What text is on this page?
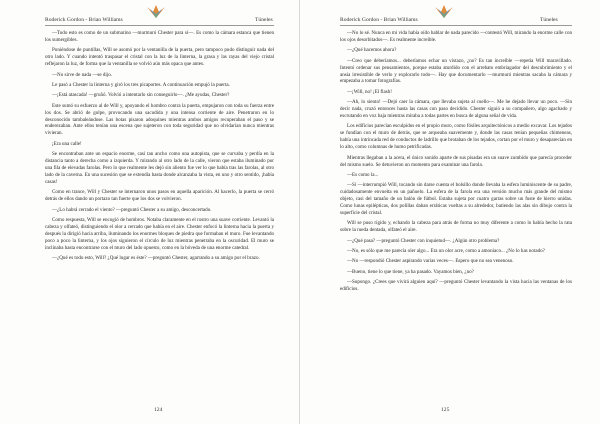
Roderick Gordon - Brian Williams	Túneles

—Todo esto es como de un submarino —murmuró Chester para sí—. Es como la cámara estanca que tienen los sumergibles.

Poniéndose de puntillas, Will se asomó por la ventanilla de la puerta, pero tampoco pudo distinguir nada del otro lado. Y cuando intentó traspasar el cristal con la luz de la linterna, la grasa y las rayas del viejo cristal reflejaron la luz, de forma que la ventanilla se volvió aún más opaca que antes.

—No sirve de nada —se dijo.

Le pasó a Chester la linterna y giró los tres picaportes. A continuación empujó la puerta.

—¡Está atascada! —gruñó. Volvió a intentarlo sin conseguirlo—. ¿Me ayudas, Chester?

Este sumó su esfuerzo al de Will y, apoyando el hombro contra la puerta, empujaron con toda su fuerza entre los dos. Se abrió de golpe, provocando una sacudida y una intensa corriente de aire. Penetraron en lo desconocido tambaleándose. Las botas pisaron adoquines mientras ambos amigos recuperaban el paso y se enderezaban. Ante ellos tenían una escena que sujeteron con toda seguridad que no olvidarían nunca mientras vivieran.

¡Era una calle!

Se encontraban ante un espacio enorme, casi tan ancho como una autopista, que se curvaba y perdía en la distancia tanto a derecha como a izquierda. Y mirando al otro lado de la calle, vieron que estaba iluminado por una fila de elevadas farolas. Pero lo que realmente les dejó sin aliento fue ver lo que había tras las farolas, al otro lado de la caverna. En una sucesión que se extendía hasta donde alcanzaba la vista, en uno y otro sentido, ¡había casas!

Como en trance, Will y Chester se internaron unos pasos en aquella aparición. Al hacerlo, la puerta se cerró detrás de ellos dando un portazo tan fuerte que los dos se volvieron.

—¿Lo habrá cerrado el viento? —preguntó Chester a su amigo, desconcertado.

Como respuesta, Will se encogió de hombros. Notaba claramente en el rostro una suave corriente. Levantó la cabeza y olfateó, distinguiendo el olor a cerrado que había en el aire. Chester enfocó la linterna hacia la puerta y después la dirigió hacia arriba, iluminando los enormes bloques de piedra que formaban el muro. Fue levantando poco a poco la linterna, y los ojos siguieron el círculo de luz mientras penetraba en la oscuridad. El muro se inclinaba hasta encontrarse con el muro del lado opuesto, como en la bóveda de una enorme catedral.

—¿Qué es todo esto, Will? ¿Qué lugar es éste? —preguntó Chester, agarrando a su amigo por el brazo.

124
Roderick Gordon - Brian Williams	Túneles

—No lo sé. Nunca en mi vida había oído hablar de nada parecido —contestó Will, mirando la enorme calle con los ojos desorbitados—. Es realmente increíble.

—¿Qué hacemos ahora?

—Creo que deberíamos... deberíamos echar un vistazo, ¿no? Es tan increíble —repetía Will maravillado. Intentó ordenar sus pensamientos, porque estaba aturdido con el arrebato embriagador del descubrimiento y el ansia irresistible de verlo y explorarlo todo—. Hay que documentarlo —murmuró mientras sacaba la cámara y empezaba a tomar fotografías.

—¡Will, no! ¡El flash!

—Ah, lo siento! —Dejó caer la cámara, que llevaba sujeta al cuello—. Me he dejado llevar un poco. —Sin decir nada, cruzó entonces hasta las casas con paso decidido. Chester siguió a su compañero, algo agachado y escrutando en voz baja mientras miraba a todas partes en busca de alguna señal de vida.

Los edificios parecían esculpidos en el propio muro, como fósiles arquitectónicos a medio excavar. Los tejados se fundían con el muro de detrás, que se arqueaba suavemente y, donde las casas tenían pequeñas chimeneas, había una intrincada red de conductos de ladrillo que brotaban de los tejados, cortan por el muro y desaparecían en lo alto, como columnas de humo petrificadas.

Mientras llegaban a la acera, el único sonido aparte de sus pisadas era un suave zumbido que parecía proceder del mismo suelo. Se detuvieron un momento para examinar una farola.

—Es como la...

—Sí —interrumpió Will, tocando sin darse cuenta el bolsillo donde llevaba la esfera luminiscente de su padre, cuidadosamente envuelta en un pañuelo. La esfera de la farola era una versión mucho más grande del mismo objeto, casi del tamaño de un balón de fútbol. Estaba sujeta por cuatro garras sobre un fuste de hierro unidas. Como lunas epilépticas, dos polillas daban erráticas vueltas a su alrededor, batiendo las alas sin dibujo contra la superficie del cristal.

Will se puso rígido y, echando la cabeza para atrás de forma no muy diferente a como lo había hecho la rata sobre la rueda dentada, olfateó el aire.

—¿Qué pasa? —preguntó Chester con inquietud—. ¿Algún otro problema?

—No, es sólo que me parecía oler algo... Era un olor acre, como a amoniaco... ¿No lo has notado?

—No —respondió Chester aspirando varias veces—. Espero que no sea venenoso.

—Bueno, tiene lo que tiene, ya ha pasado. Vayamos bien, ¿no?

—Supongo. ¿Crees que vivirá alguien aquí? —preguntó Chester levantando la vista hacia las ventanas de los edificios.

125
